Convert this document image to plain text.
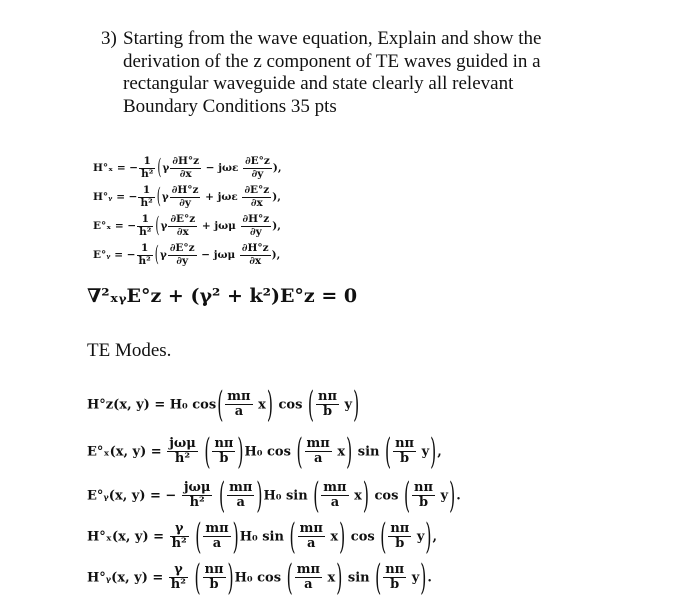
3) Starting from the wave equation, Explain and show the
derivation of the z component of TE waves guided in a
rectangular waveguide and state clearly all relevant
Boundary Conditions 35 pts
H°ₓ = − $\frac{1}{\text{h²}} (\gamma \frac{\partial H^\circ z}{\partial x} - j\omega\varepsilon \frac{\partial E^\circ z}{\partial y}$ ),
H°ᵧ = − $\frac{1}{\text{h²}} (\gamma \frac{\partial H^\circ z}{\partial y} + j\omega\varepsilon \frac{\partial E^\circ z}{\partial x}$ ),
E°ₓ = − $\frac{1}{\text{h²}} (\gamma \frac{\partial E^\circ z}{\partial x} + j\omega\mu \frac{\partial H^\circ z}{\partial y}$ ),
E°ᵧ = − $\frac{1}{\text{h²}} (\gamma \frac{\partial E^\circ z}{\partial y} - j\omega\mu \frac{\partial H^\circ z}{\partial x}$ ),
∇²ₓᵧE°z + (γ² + k²)E°z = 0
TE Modes.
H°z(x, y) = H₀ $\cos( \frac{m\pi}{a} x)$ cos ( $\frac{n\pi}{b} y$)
E°ₓ(x, $y) = \frac{\text{jωμ}}{\text{h²}}$ ( $\frac{n\pi}{b} )H_0$ cos ( $\frac{m\pi}{a} x$) sin ( $\frac{n\pi}{b} y$),
E°ᵧ(x, y) = − $\frac{\text{jωμ}}{\text{h²}}$ ( $\frac{m\pi}{a} )H_0$ sin ( $\frac{m\pi}{a} x$) cos ( $\frac{n\pi}{b} y$).
H°ₓ(x, $y) = \frac{\gamma}{\text{h²}}$ ( $\frac{m\pi}{a} )H_0$ sin ( $\frac{m\pi}{a} x$) cos ( $\frac{n\pi}{b} y$),
H°ᵧ(x, $y) = \frac{\gamma}{\text{h²}}$ ( $\frac{n\pi}{b} )H_0$ cos ( $\frac{m\pi}{a} x$) sin ( $\frac{n\pi}{b} y$).
